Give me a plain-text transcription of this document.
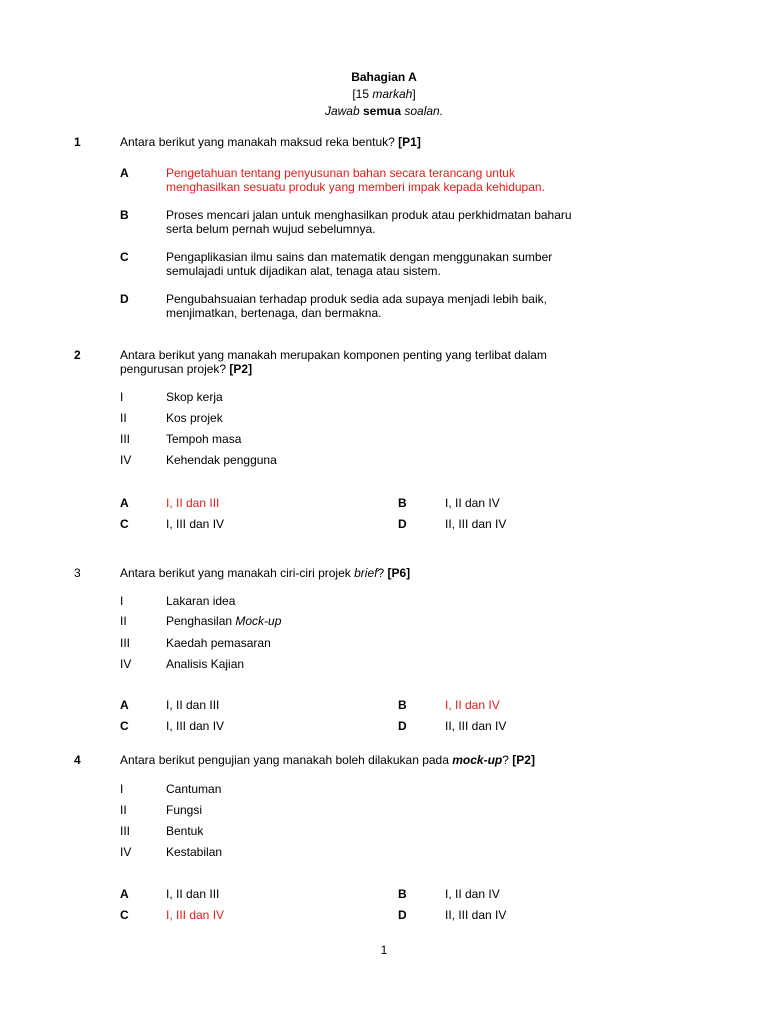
Bahagian A
[15 markah]
Jawab semua soalan.
1	Antara berikut yang manakah maksud reka bentuk? [P1]
A	Pengetahuan tentang penyusunan bahan secara terancang untuk
menghasilkan sesuatu produk yang memberi impak kepada kehidupan.
B	Proses mencari jalan untuk menghasilkan produk atau perkhidmatan baharu
serta belum pernah wujud sebelumnya.
C	Pengaplikasian ilmu sains dan matematik dengan menggunakan sumber
semulajadi untuk dijadikan alat, tenaga atau sistem.
D	Pengubahsuaian terhadap produk sedia ada supaya menjadi lebih baik,
menjimatkan, bertenaga, dan bermakna.
2	Antara berikut yang manakah merupakan komponen penting yang terlibat dalam
pengurusan projek? [P2]
I	Skop kerja
II	Kos projek
III	Tempoh masa
IV	Kehendak pengguna
A	I, II dan III	B	I, II dan IV
C	I, III dan IV	D	II, III dan IV
3	Antara berikut yang manakah ciri-ciri projek brief? [P6]
I	Lakaran idea
II	Penghasilan Mock-up
III	Kaedah pemasaran
IV	Analisis Kajian
A	I, II dan III	B	I, II dan IV
C	I, III dan IV	D	II, III dan IV
4	Antara berikut pengujian yang manakah boleh dilakukan pada mock-up? [P2]
I	Cantuman
II	Fungsi
III	Bentuk
IV	Kestabilan
A	I, II dan III	B	I, II dan IV
C	I, III dan IV	D	II, III dan IV
1
